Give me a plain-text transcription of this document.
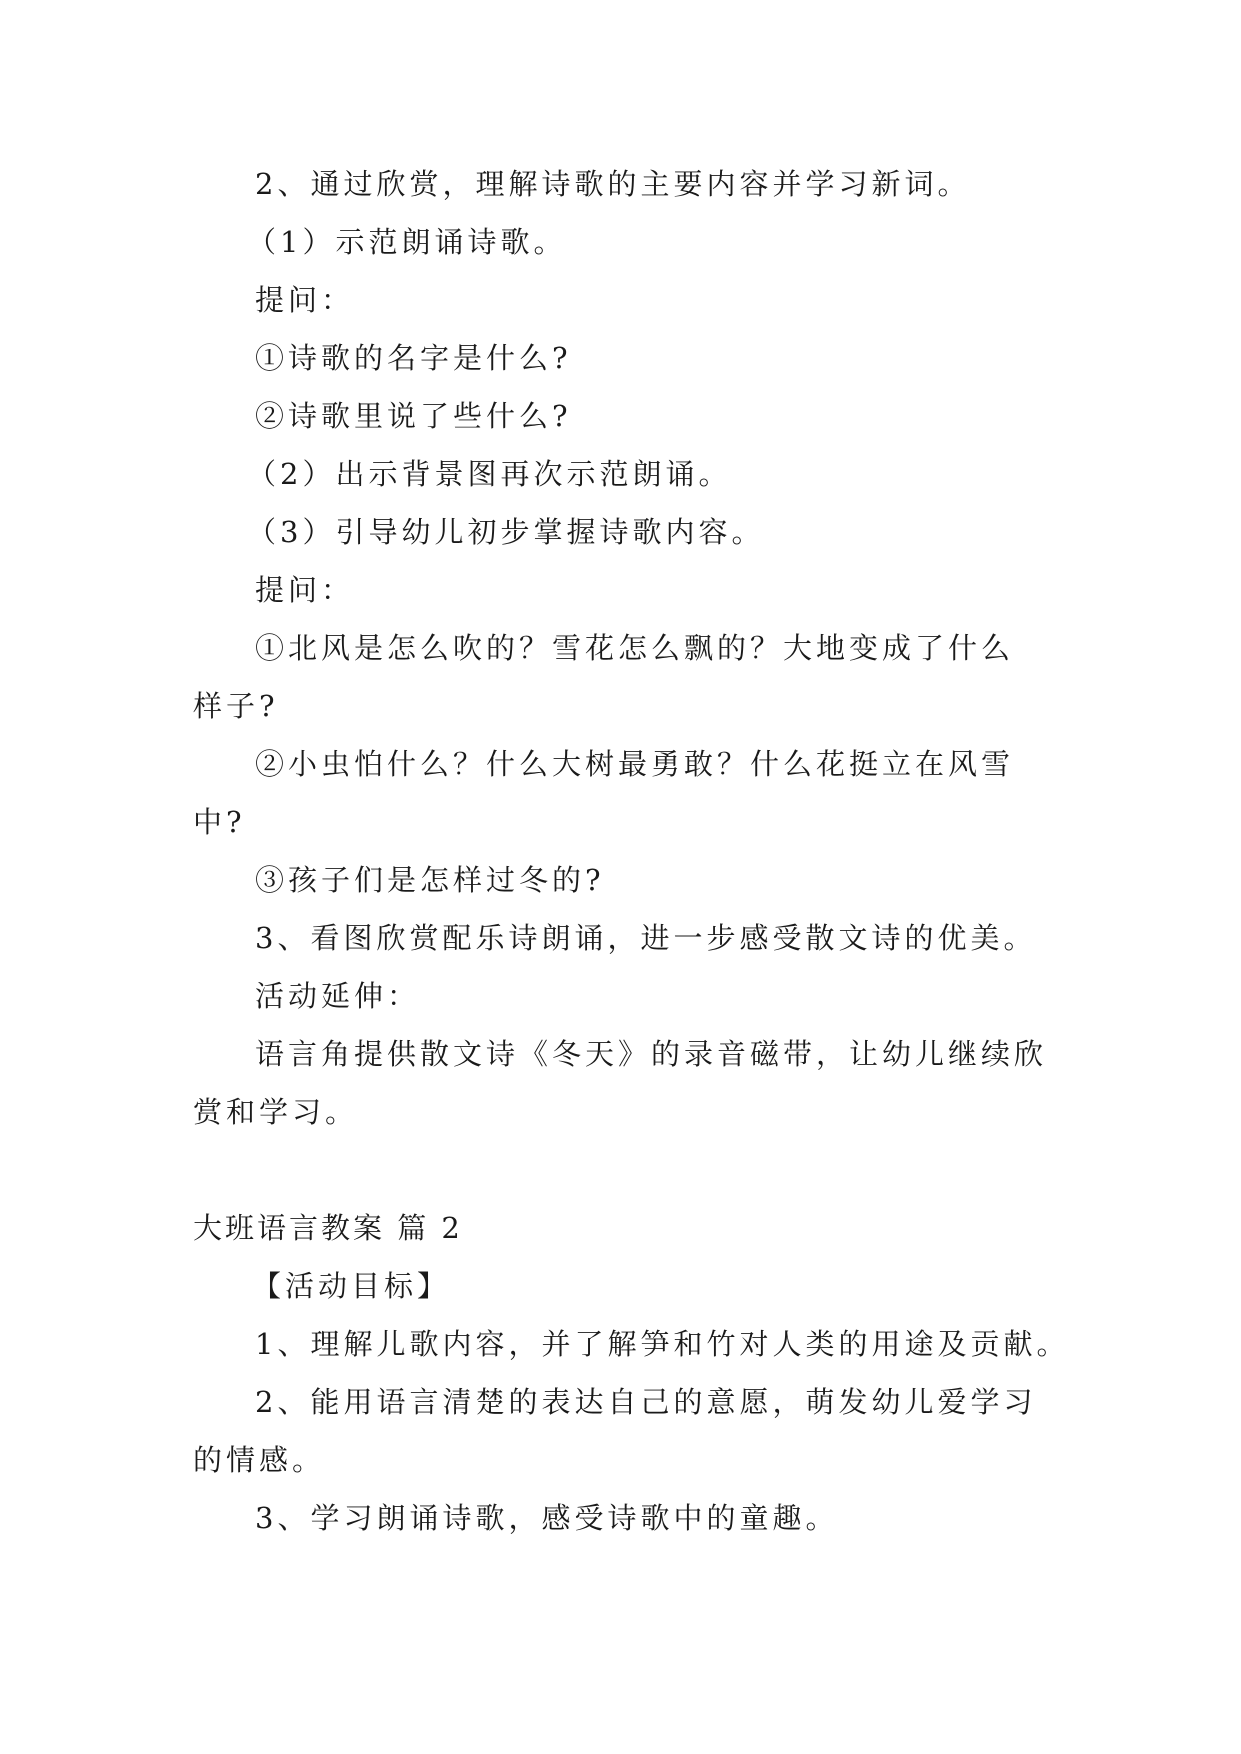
2、通过欣赏，理解诗歌的主要内容并学习新词。
（1）示范朗诵诗歌。
提问：
①诗歌的名字是什么?
②诗歌里说了些什么?
（2）出示背景图再次示范朗诵。
（3）引导幼儿初步掌握诗歌内容。
提问：
①北风是怎么吹的？雪花怎么飘的？大地变成了什么
样子?
②小虫怕什么？什么大树最勇敢？什么花挺立在风雪
中?
③孩子们是怎样过冬的?
3、看图欣赏配乐诗朗诵，进一步感受散文诗的优美。
活动延伸：
语言角提供散文诗《冬天》的录音磁带，让幼儿继续欣
赏和学习。
大班语言教案 篇 2
【活动目标】
1、理解儿歌内容，并了解笋和竹对人类的用途及贡献。
2、能用语言清楚的表达自己的意愿，萌发幼儿爱学习
的情感。
3、学习朗诵诗歌，感受诗歌中的童趣。
